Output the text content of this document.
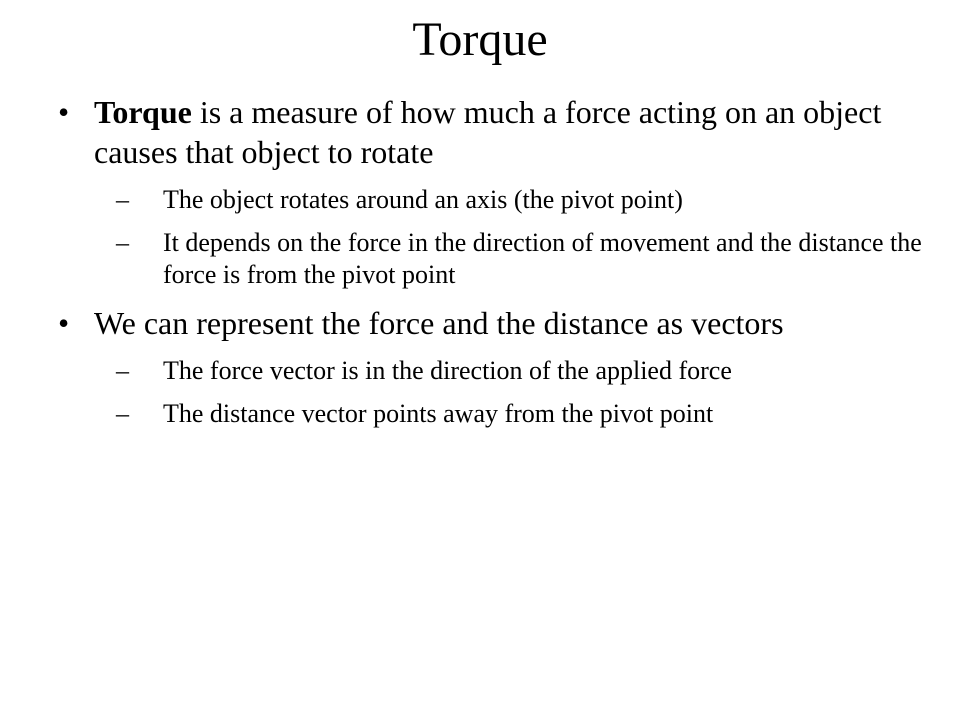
Torque
• Torque is a measure of how much a force acting on an object causes that object to rotate
– The object rotates around an axis (the pivot point)
– It depends on the force in the direction of movement and the distance the force is from the pivot point
• We can represent the force and the distance as vectors
– The force vector is in the direction of the applied force
– The distance vector points away from the pivot point
